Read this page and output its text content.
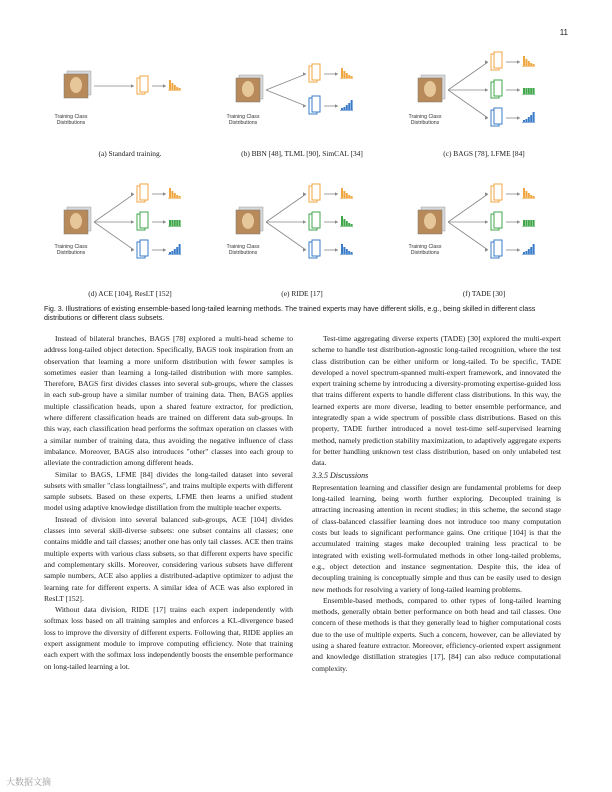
11
Training Class Distributions
(a) Standard training.
Training Class Distributions
(b) BBN [48], TLML [90], SimCAL [34]
Training Class Distributions
(c) BAGS [78], LFME [84]
Training Class Distributions
(d) ACE [104], ResLT [152]
Training Class Distributions
(e) RIDE [17]
Training Class Distributions
(f) TADE [30]
Fig. 3. Illustrations of existing ensemble-based long-tailed learning methods. The trained experts may have different skills, e.g., being skilled in different class distributions or different class subsets.

Instead of bilateral branches, BAGS [78] explored a multi-head scheme to address long-tailed object detection. Specifically, BAGS took inspiration from an observation that learning a more uniform distribution with fewer samples is sometimes easier than learning a long-tailed distribution with more samples. Therefore, BAGS first divides classes into several sub-groups, where the classes in each sub-group have a similar number of training data. Then, BAGS applies multiple classification heads, upon a shared feature extractor, for prediction, where different classification heads are trained on different data sub-groups. In this way, each classification head performs the softmax operation on classes with a similar number of training data, thus avoiding the negative influence of class imbalance. Moreover, BAGS also introduces "other" classes into each group to alleviate the contradiction among different heads.

Similar to BAGS, LFME [84] divides the long-tailed dataset into several subsets with smaller "class longtailness", and trains multiple experts with different sample subsets. Based on these experts, LFME then learns a unified student model using adaptive knowledge distillation from the multiple teacher experts.

Instead of division into several balanced sub-groups, ACE [104] divides classes into several skill-diverse subsets: one subset contains all classes; one contains middle and tail classes; another one has only tail classes. ACE then trains multiple experts with various class subsets, so that different experts have specific and complementary skills. Moreover, considering various subsets have different sample numbers, ACE also applies a distributed-adaptive optimizer to adjust the learning rate for different experts. A similar idea of ACE was also explored in ResLT [152].

Without data division, RIDE [17] trains each expert independently with softmax loss based on all training samples and enforces a KL-divergence based loss to improve the diversity of different experts. Following that, RIDE applies an expert assignment module to improve computing efficiency. Note that training each expert with the softmax loss independently boosts the ensemble performance on long-tailed learning a lot.

Test-time aggregating diverse experts (TADE) [30] explored the multi-expert scheme to handle test distribution-agnostic long-tailed recognition, where the test class distribution can be either uniform or long-tailed. To be specific, TADE developed a novel spectrum-spanned multi-expert framework, and innovated the expert training scheme by introducing a diversity-promoting expertise-guided loss that trains different experts to handle different class distributions. In this way, the learned experts are more diverse, leading to better ensemble performance, and integratedly span a wide spectrum of possible class distributions. Based on this property, TADE further introduced a novel test-time self-supervised learning method, namely prediction stability maximization, to adaptively aggregate experts for better handling unknown test class distribution, based on only unlabeled test data.

3.3.5 Discussions

Representation learning and classifier design are fundamental problems for deep long-tailed learning, being worth further exploring. Decoupled training is attracting increasing attention in recent studies; in this scheme, the second stage of class-balanced classifier learning does not introduce too many computation costs but leads to significant performance gains. One critique [104] is that the accumulated training stages make decoupled training less practical to be integrated with existing well-formulated methods in other long-tailed problems, e.g., object detection and instance segmentation. Despite this, the idea of decoupling training is conceptually simple and thus can be easily used to design new methods for resolving a variety of long-tailed learning problems.

Ensemble-based methods, compared to other types of long-tailed learning methods, generally obtain better performance on both head and tail classes. One concern of these methods is that they generally lead to higher computational costs due to the use of multiple experts. Such a concern, however, can be alleviated by using a shared feature extractor. Moreover, efficiency-oriented expert assignment and knowledge distillation strategies [17], [84] can also reduce computational complexity.

大数据文摘
